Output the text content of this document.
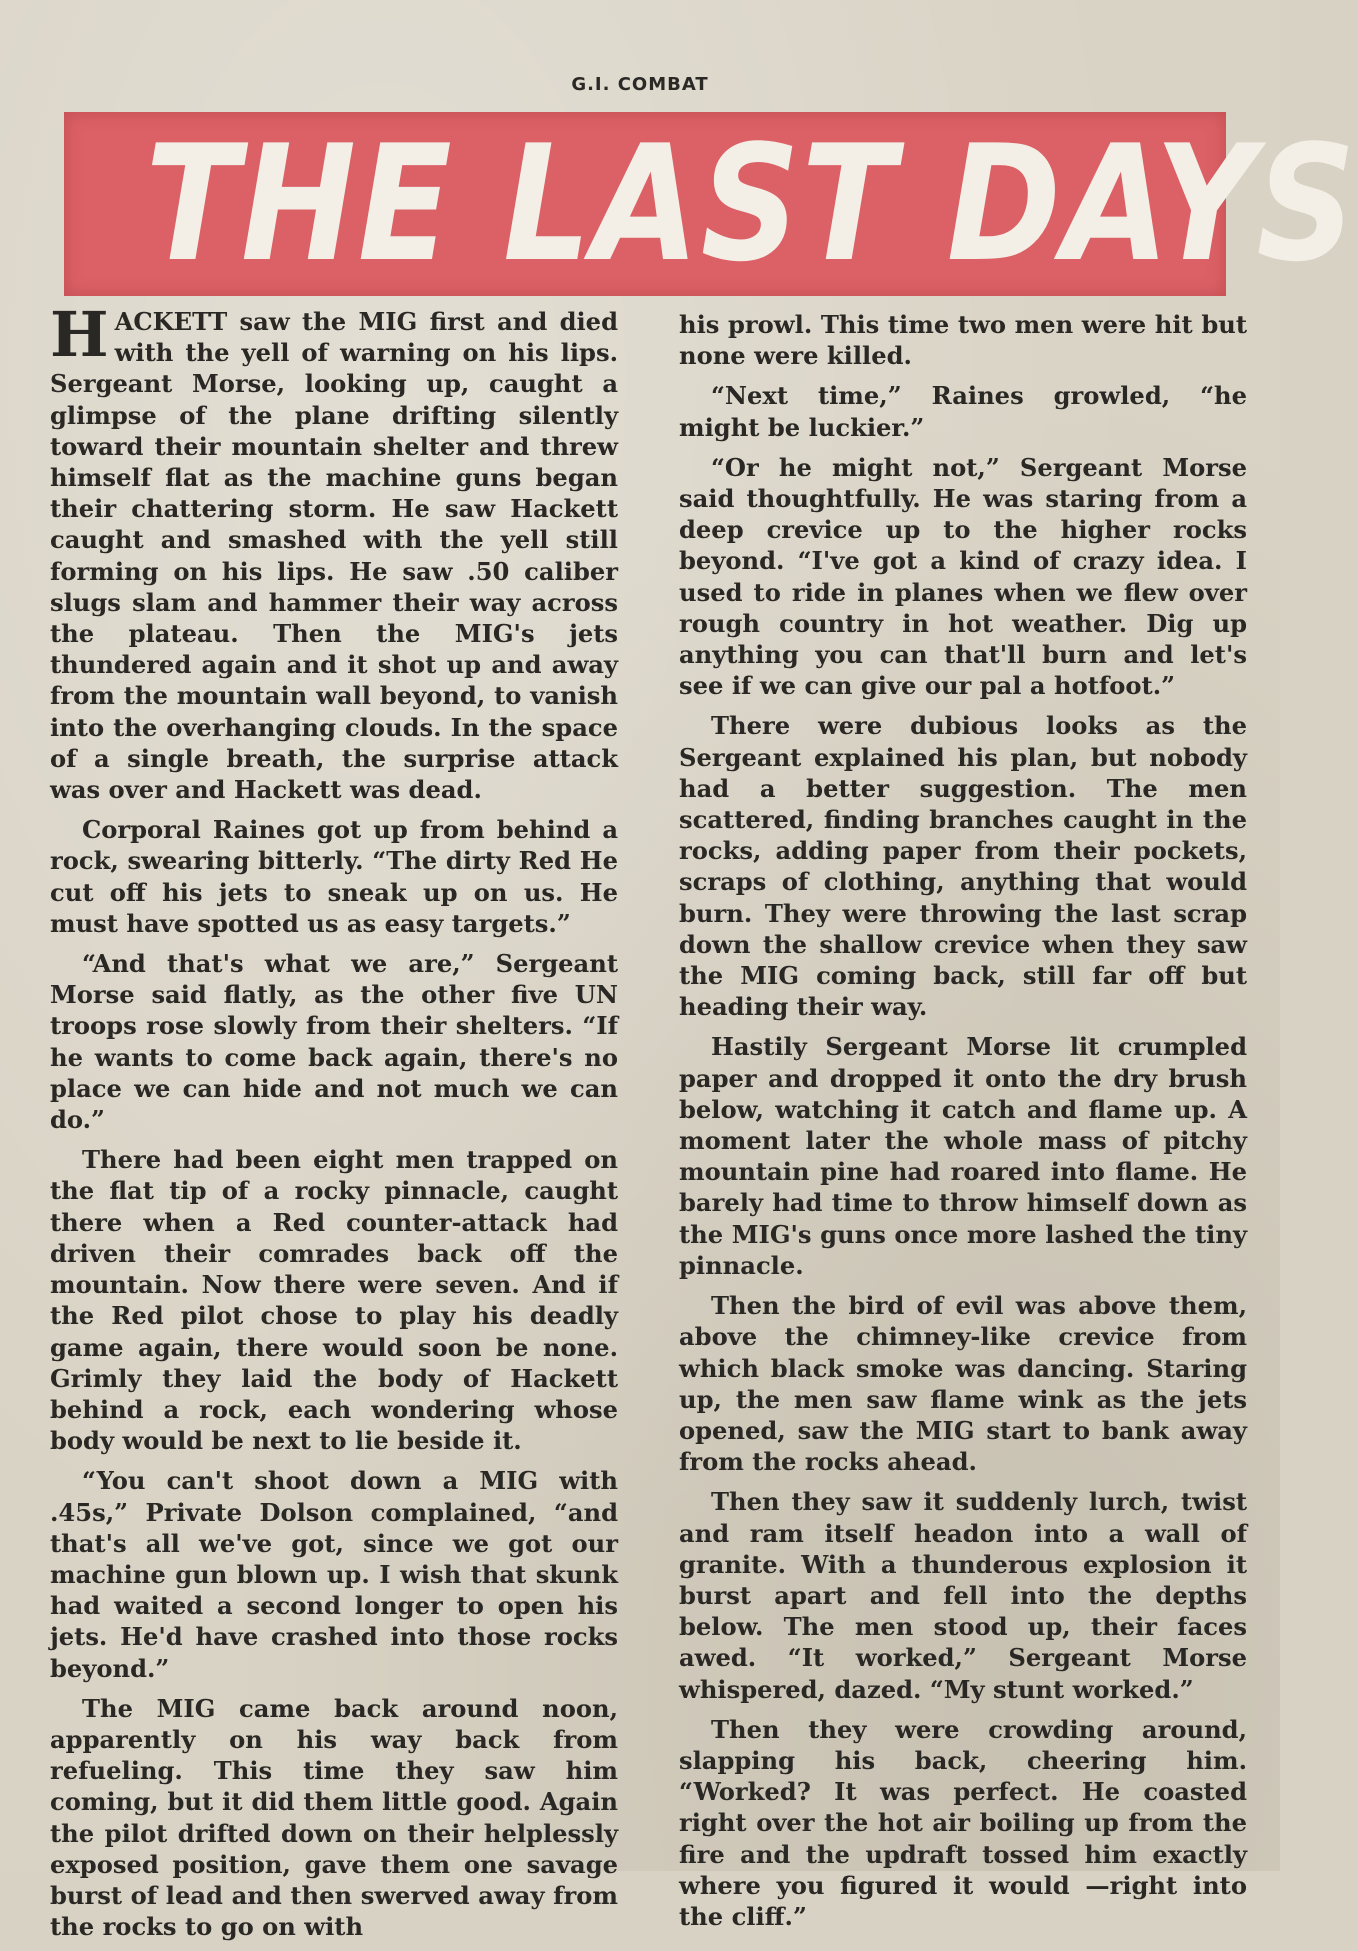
G.I. COMBAT
THE LAST DAYS

HACKETT saw the MIG first and died with the yell of warning on his lips. Sergeant Morse, looking up, caught a glimpse of the plane drifting silently toward their mountain shelter and threw himself flat as the machine guns began their chattering storm. He saw Hackett caught and smashed with the yell still forming on his lips. He saw .50 caliber slugs slam and hammer their way across the plateau. Then the MIG's jets thundered again and it shot up and away from the mountain wall beyond, to vanish into the overhanging clouds. In the space of a single breath, the surprise attack was over and Hackett was dead.

Corporal Raines got up from behind a rock, swearing bitterly. “The dirty Red He cut off his jets to sneak up on us. He must have spotted us as easy targets.”

“And that's what we are,” Sergeant Morse said flatly, as the other five UN troops rose slowly from their shelters. “If he wants to come back again, there's no place we can hide and not much we can do.”

There had been eight men trapped on the flat tip of a rocky pinnacle, caught there when a Red counter-attack had driven their comrades back off the mountain. Now there were seven. And if the Red pilot chose to play his deadly game again, there would soon be none. Grimly they laid the body of Hackett behind a rock, each wondering whose body would be next to lie beside it.

“You can't shoot down a MIG with .45s,” Private Dolson complained, “and that's all we've got, since we got our machine gun blown up. I wish that skunk had waited a second longer to open his jets. He'd have crashed into those rocks beyond.”

The MIG came back around noon, apparently on his way back from refueling. This time they saw him coming, but it did them little good. Again the pilot drifted down on their helplessly exposed position, gave them one savage burst of lead and then swerved away from the rocks to go on with

his prowl. This time two men were hit but none were killed.

“Next time,” Raines growled, “he might be luckier.”

“Or he might not,” Sergeant Morse said thoughtfully. He was staring from a deep crevice up to the higher rocks beyond. “I've got a kind of crazy idea. I used to ride in planes when we flew over rough country in hot weather. Dig up anything you can that'll burn and let's see if we can give our pal a hotfoot.”

There were dubious looks as the Sergeant explained his plan, but nobody had a better suggestion. The men scattered, finding branches caught in the rocks, adding paper from their pockets, scraps of clothing, anything that would burn. They were throwing the last scrap down the shallow crevice when they saw the MIG coming back, still far off but heading their way.

Hastily Sergeant Morse lit crumpled paper and dropped it onto the dry brush below, watching it catch and flame up. A moment later the whole mass of pitchy mountain pine had roared into flame. He barely had time to throw himself down as the MIG's guns once more lashed the tiny pinnacle.

Then the bird of evil was above them, above the chimney-like crevice from which black smoke was dancing. Staring up, the men saw flame wink as the jets opened, saw the MIG start to bank away from the rocks ahead.

Then they saw it suddenly lurch, twist and ram itself headon into a wall of granite. With a thunderous explosion it burst apart and fell into the depths below. The men stood up, their faces awed. “It worked,” Sergeant Morse whispered, dazed. “My stunt worked.”

Then they were crowding around, slapping his back, cheering him. “Worked? It was perfect. He coasted right over the hot air boiling up from the fire and the updraft tossed him exactly where you figured it would —right into the cliff.”
